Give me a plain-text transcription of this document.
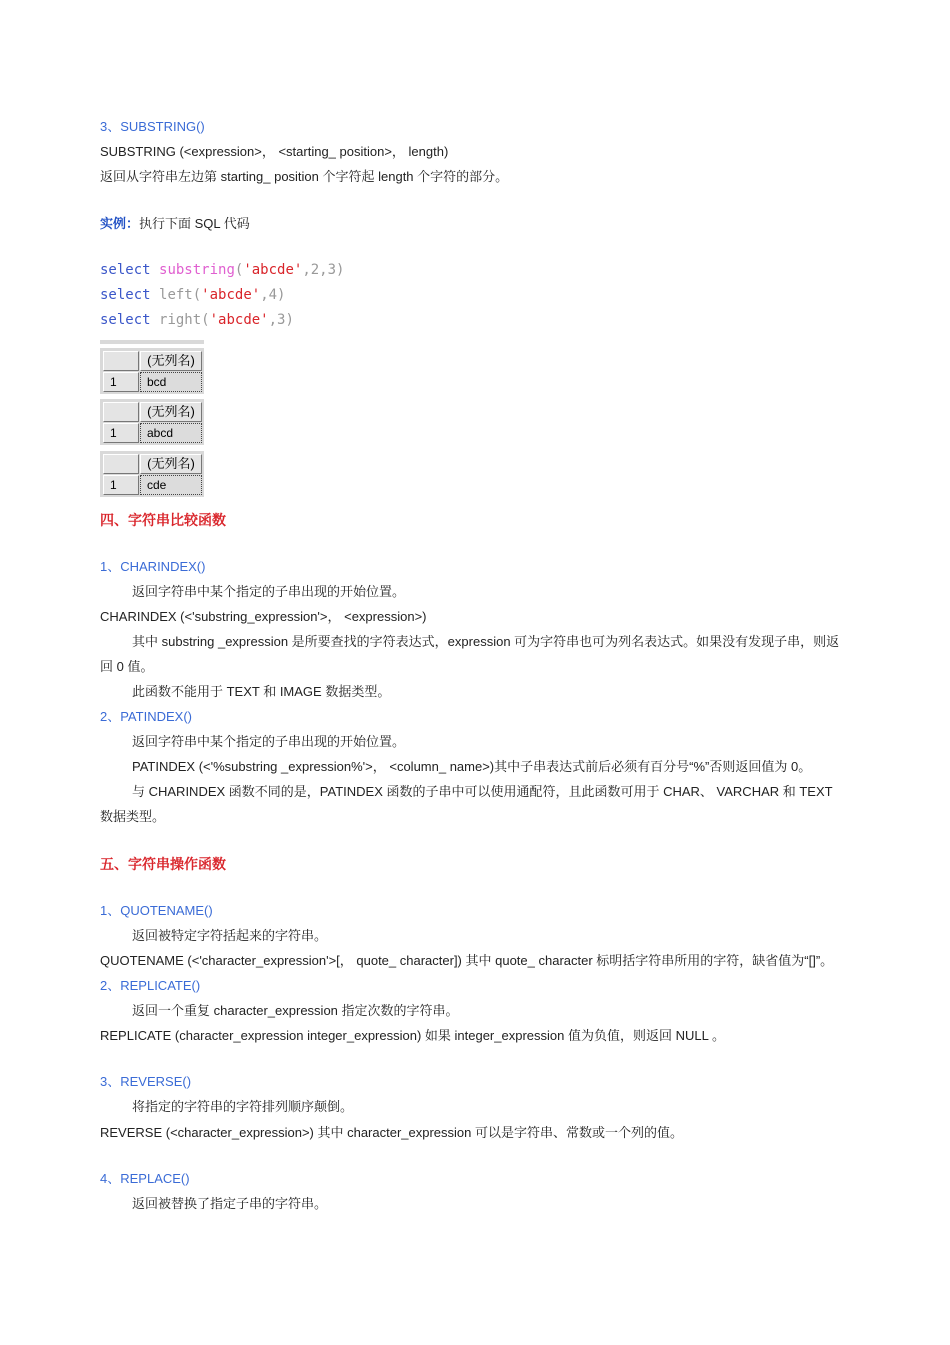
3、SUBSTRING()
SUBSTRING (<expression>， <starting_ position>， length)
返回从字符串左边第 starting_ position 个字符起 length 个字符的部分。
实例：执行下面 SQL 代码
select substring('abcde',2,3)
select left('abcde',4)
select right('abcde',3)
(无列名)
1	bcd
(无列名)
1	abcd
(无列名)
1	cde
四、字符串比较函数
1、CHARINDEX()
返回字符串中某个指定的子串出现的开始位置。
CHARINDEX (<'substring_expression'>， <expression>)
其中 substring _expression 是所要查找的字符表达式，expression 可为字符串也可为列名表达式。如果没有发现子串，则返回 0 值。
此函数不能用于 TEXT 和 IMAGE 数据类型。
2、PATINDEX()
返回字符串中某个指定的子串出现的开始位置。
PATINDEX (<'%substring _expression%'>， <column_ name>)其中子串表达式前后必须有百分号“%”否则返回值为 0。
与 CHARINDEX 函数不同的是，PATINDEX 函数的子串中可以使用通配符，且此函数可用于 CHAR、 VARCHAR 和 TEXT 数据类型。
五、字符串操作函数
1、QUOTENAME()
返回被特定字符括起来的字符串。
QUOTENAME (<'character_expression'>[， quote_ character]) 其中 quote_ character 标明括字符串所用的字符，缺省值为“[]”。
2、REPLICATE()
返回一个重复 character_expression 指定次数的字符串。
REPLICATE (character_expression integer_expression) 如果 integer_expression 值为负值，则返回 NULL 。
3、REVERSE()
将指定的字符串的字符排列顺序颠倒。
REVERSE (<character_expression>) 其中 character_expression 可以是字符串、常数或一个列的值。
4、REPLACE()
返回被替换了指定子串的字符串。
